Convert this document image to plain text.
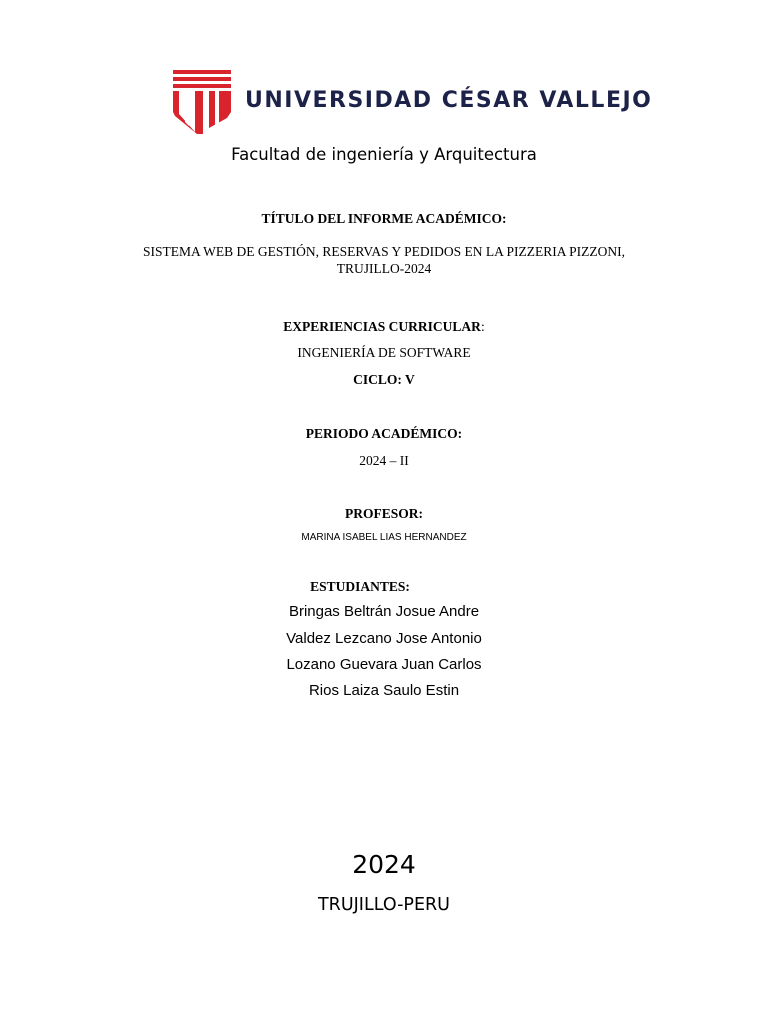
UNIVERSIDAD CÉSAR VALLEJO
Facultad de ingeniería y Arquitectura
TÍTULO DEL INFORME ACADÉMICO:
SISTEMA WEB DE GESTIÓN, RESERVAS Y PEDIDOS EN LA PIZZERIA PIZZONI,
TRUJILLO-2024
EXPERIENCIAS CURRICULAR:
INGENIERÍA DE SOFTWARE
CICLO: V
PERIODO ACADÉMICO:
2024 – II
PROFESOR:
MARINA ISABEL LIAS HERNANDEZ
ESTUDIANTES:
Bringas Beltrán Josue Andre
Valdez Lezcano Jose Antonio
Lozano Guevara Juan Carlos
Rios Laiza Saulo Estin
2024
TRUJILLO-PERU
